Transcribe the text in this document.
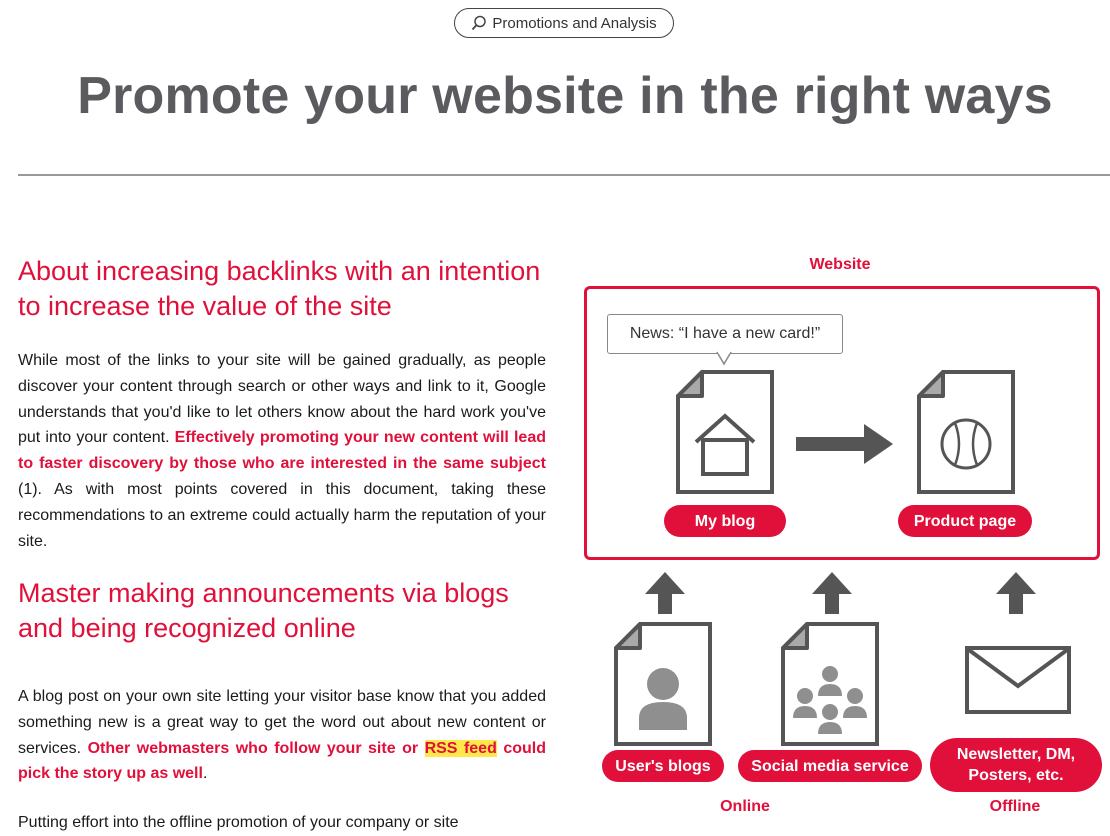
Promotions and Analysis
Promote your website in the right ways
About increasing backlinks with an intention to increase the value of the site

While most of the links to your site will be gained gradually, as people discover your content through search or other ways and link to it, Google understands that you'd like to let others know about the hard work you've put into your content. Effectively promoting your new content will lead to faster discovery by those who are interested in the same subject (1). As with most points covered in this document, taking these recommendations to an extreme could actually harm the reputation of your site.

Master making announcements via blogs and being recognized online

A blog post on your own site letting your visitor base know that you added something new is a great way to get the word out about new content or services. Other webmasters who follow your site or RSS feed could pick the story up as well.

Putting effort into the offline promotion of your company or site

Website
News: “I have a new card!”
My blog	Product page
User's blogs	Social media service
Newsletter, DM, Posters, etc.
Online	Offline
